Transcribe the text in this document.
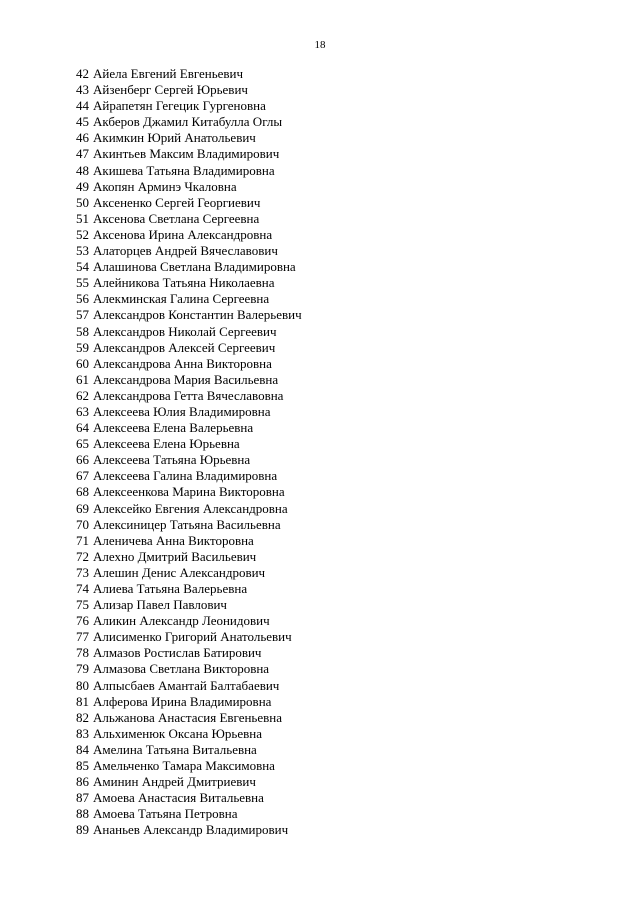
18
42 Айела Евгений Евгеньевич
43 Айзенберг Сергей Юрьевич
44 Айрапетян Гегецик Гургеновна
45 Акберов Джамил Китабулла Оглы
46 Акимкин Юрий Анатольевич
47 Акинтьев Максим Владимирович
48 Акишева Татьяна Владимировна
49 Акопян Арминэ Чкаловна
50 Аксененко Сергей Георгиевич
51 Аксенова Светлана Сергеевна
52 Аксенова Ирина Александровна
53 Алаторцев Андрей Вячеславович
54 Алашинова Светлана Владимировна
55 Алейникова Татьяна Николаевна
56 Алекминская Галина Сергеевна
57 Александров Константин Валерьевич
58 Александров Николай Сергеевич
59 Александров Алексей Сергеевич
60 Александрова Анна Викторовна
61 Александрова Мария Васильевна
62 Александрова Гетта Вячеславовна
63 Алексеева Юлия Владимировна
64 Алексеева Елена Валерьевна
65 Алексеева Елена Юрьевна
66 Алексеева Татьяна Юрьевна
67 Алексеева Галина Владимировна
68 Алексеенкова Марина Викторовна
69 Алексейко Евгения Александровна
70 Алексиницер Татьяна Васильевна
71 Аленичева Анна Викторовна
72 Алехно Дмитрий Васильевич
73 Алешин Денис Александрович
74 Алиева Татьяна Валерьевна
75 Ализар Павел Павлович
76 Аликин Александр Леонидович
77 Алисименко Григорий Анатольевич
78 Алмазов Ростислав Батирович
79 Алмазова Светлана Викторовна
80 Алпысбаев Амантай Балтабаевич
81 Алферова Ирина Владимировна
82 Альжанова Анастасия Евгеньевна
83 Альхименюк Оксана Юрьевна
84 Амелина Татьяна Витальевна
85 Амельченко Тамара Максимовна
86 Аминин Андрей Дмитриевич
87 Амоева Анастасия Витальевна
88 Амоева Татьяна Петровна
89 Ананьев Александр Владимирович
